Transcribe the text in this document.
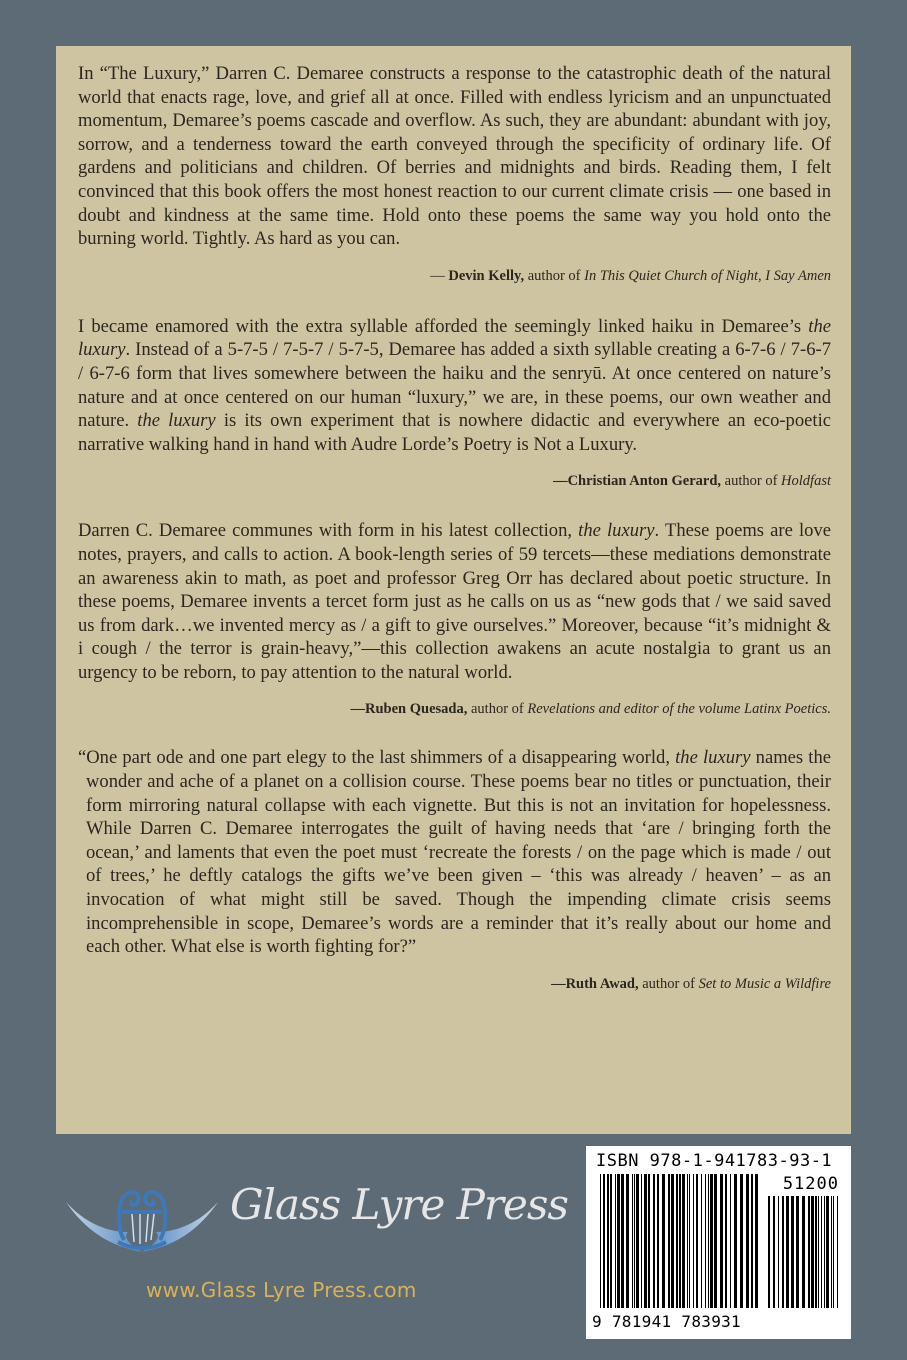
In “The Luxury,” Darren C. Demaree constructs a response to the catastrophic death of the natural world that enacts rage, love, and grief all at once. Filled with endless lyricism and an unpunctuated momentum, Demaree’s poems cascade and overflow. As such, they are abundant: abundant with joy, sorrow, and a tenderness toward the earth conveyed through the specificity of ordinary life. Of gardens and politicians and children. Of berries and midnights and birds. Reading them, I felt convinced that this book offers the most honest reaction to our current climate crisis — one based in doubt and kindness at the same time. Hold onto these poems the same way you hold onto the burning world. Tightly. As hard as you can.

— Devin Kelly, author of In This Quiet Church of Night, I Say Amen

I became enamored with the extra syllable afforded the seemingly linked haiku in Demaree’s the luxury. Instead of a 5-7-5 / 7-5-7 / 5-7-5, Demaree has added a sixth syllable creating a 6-7-6 / 7-6-7 / 6-7-6 form that lives somewhere between the haiku and the senryū. At once centered on nature’s nature and at once centered on our human “luxury,” we are, in these poems, our own weather and nature. the luxury is its own experiment that is nowhere didactic and everywhere an eco-poetic narrative walking hand in hand with Audre Lorde’s Poetry is Not a Luxury.

—Christian Anton Gerard, author of Holdfast

Darren C. Demaree communes with form in his latest collection, the luxury. These poems are love notes, prayers, and calls to action. A book-length series of 59 tercets—these mediations demonstrate an awareness akin to math, as poet and professor Greg Orr has declared about poetic structure. In these poems, Demaree invents a tercet form just as he calls on us as “new gods that / we said saved us from dark…we invented mercy as / a gift to give ourselves.” Moreover, because “it’s midnight & i cough / the terror is grain-heavy,”—this collection awakens an acute nostalgia to grant us an urgency to be reborn, to pay attention to the natural world.

—Ruben Quesada, author of Revelations and editor of the volume Latinx Poetics.

“One part ode and one part elegy to the last shimmers of a disappearing world, the luxury names the wonder and ache of a planet on a collision course. These poems bear no titles or punctuation, their form mirroring natural collapse with each vignette. But this is not an invitation for hopelessness. While Darren C. Demaree interrogates the guilt of having needs that ‘are / bringing forth the ocean,’ and laments that even the poet must ‘recreate the forests / on the page which is made / out of trees,’ he deftly catalogs the gifts we’ve been given – ‘this was already / heaven’ – as an invocation of what might still be saved. Though the impending climate crisis seems incomprehensible in scope, Demaree’s words are a reminder that it’s really about our home and each other. What else is worth fighting for?”

—Ruth Awad, author of Set to Music a Wildfire

ISBN 978-1-941783-93-1
51200
9 781941 783931
Glass Lyre Press
www.Glass Lyre Press.com
